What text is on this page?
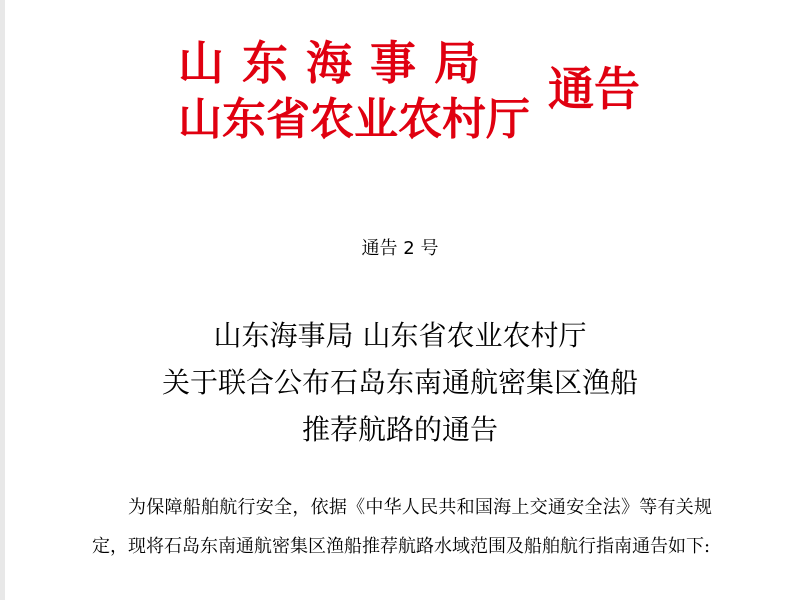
山东海事局
山东省农业农村厅
通告
通告 2 号
山东海事局 山东省农业农村厅
关于联合公布石岛东南通航密集区渔船
推荐航路的通告
为保障船舶航行安全，依据《中华人民共和国海上交通安全法》等有关规定，现将石岛东南通航密集区渔船推荐航路水域范围及船舶航行指南通告如下:
